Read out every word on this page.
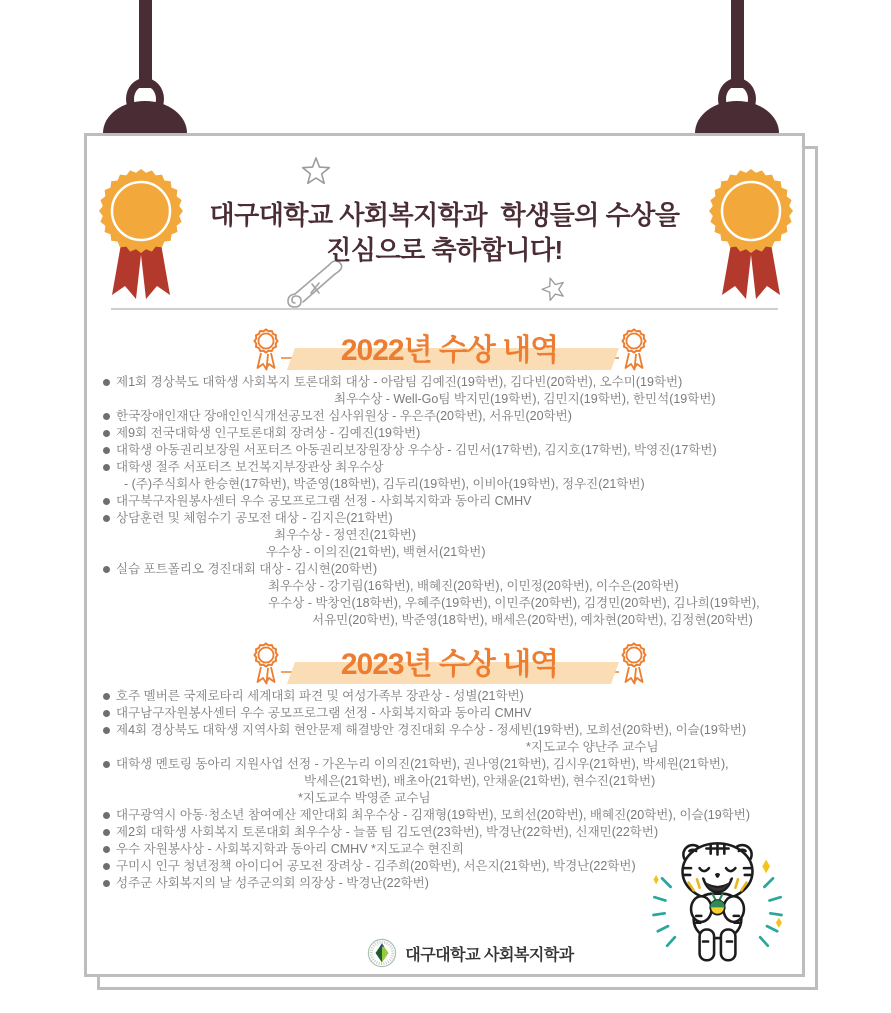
대구대학교 사회복지학과  학생들의 수상을
진심으로 축하합니다!
2022년 수상 내역
제1회 경상북도 대학생 사회복지 토론대회 대상 - 아람팀 김예진(19학번), 김다빈(20학번), 오수미(19학번)
최우수상 - Well-Go팀 박지민(19학번), 김민지(19학번), 한민석(19학번)
한국장애인재단 장애인인식개선공모전 심사위원상 - 우은주(20학번), 서유민(20학번)
제9회 전국대학생 인구토론대회 장려상 - 김예진(19학번)
대학생 아동권리보장원 서포터즈 아동권리보장원장상 우수상 - 김민서(17학번), 김지호(17학번), 박영진(17학번)
대학생 절주 서포터즈 보건복지부장관상 최우수상
- (주)주식회사 한승현(17학번), 박준영(18학번), 김두리(19학번), 이비아(19학번), 정우진(21학번)
대구북구자원봉사센터 우수 공모프로그램 선정 - 사회복지학과 동아리 CMHV
상담훈련 및 체험수기 공모전 대상 - 김지은(21학번)
최우수상 - 정연진(21학번)
우수상 - 이의진(21학번), 백현서(21학번)
실습 포트폴리오 경진대회 대상 - 김시현(20학번)
최우수상 - 강기림(16학번), 배혜진(20학번), 이민정(20학번), 이수은(20학번)
우수상 - 박창언(18학번), 우혜주(19학번), 이민주(20학번), 김경민(20학번), 김나희(19학번),
서유민(20학번), 박준영(18학번), 배세은(20학번), 예차현(20학번), 김정현(20학번)
2023년 수상 내역
호주 멜버른 국제로타리 세계대회 파견 및 여성가족부 장관상 - 성별(21학번)
대구남구자원봉사센터 우수 공모프로그램 선정 - 사회복지학과 동아리 CMHV
제4회 경상북도 대학생 지역사회 현안문제 해결방안 경진대회 우수상 - 정세빈(19학번), 모희선(20학번), 이슬(19학번)
*지도교수 양난주 교수님
대학생 멘토링 동아리 지원사업 선정 - 가온누리 이의진(21학번), 권나영(21학번), 김시우(21학번), 박세원(21학번),
박세은(21학번), 배초아(21학번), 안채윤(21학번), 현수진(21학번)
*지도교수 박영준 교수님
대구광역시 아동·청소년 참여예산 제안대회 최우수상 - 김재형(19학번), 모희선(20학번), 배혜진(20학번), 이슬(19학번)
제2회 대학생 사회복지 토론대회 최우수상 - 늘품 팀 김도연(23학번), 박경난(22학번), 신재민(22학번)
우수 자원봉사상 - 사회복지학과 동아리 CMHV *지도교수 현진희
구미시 인구 청년정책 아이디어 공모전 장려상 - 김주희(20학번), 서은지(21학번), 박경난(22학번)
성주군 사회복지의 날 성주군의회 의장상 - 박경난(22학번)
대구대학교 사회복지학과
